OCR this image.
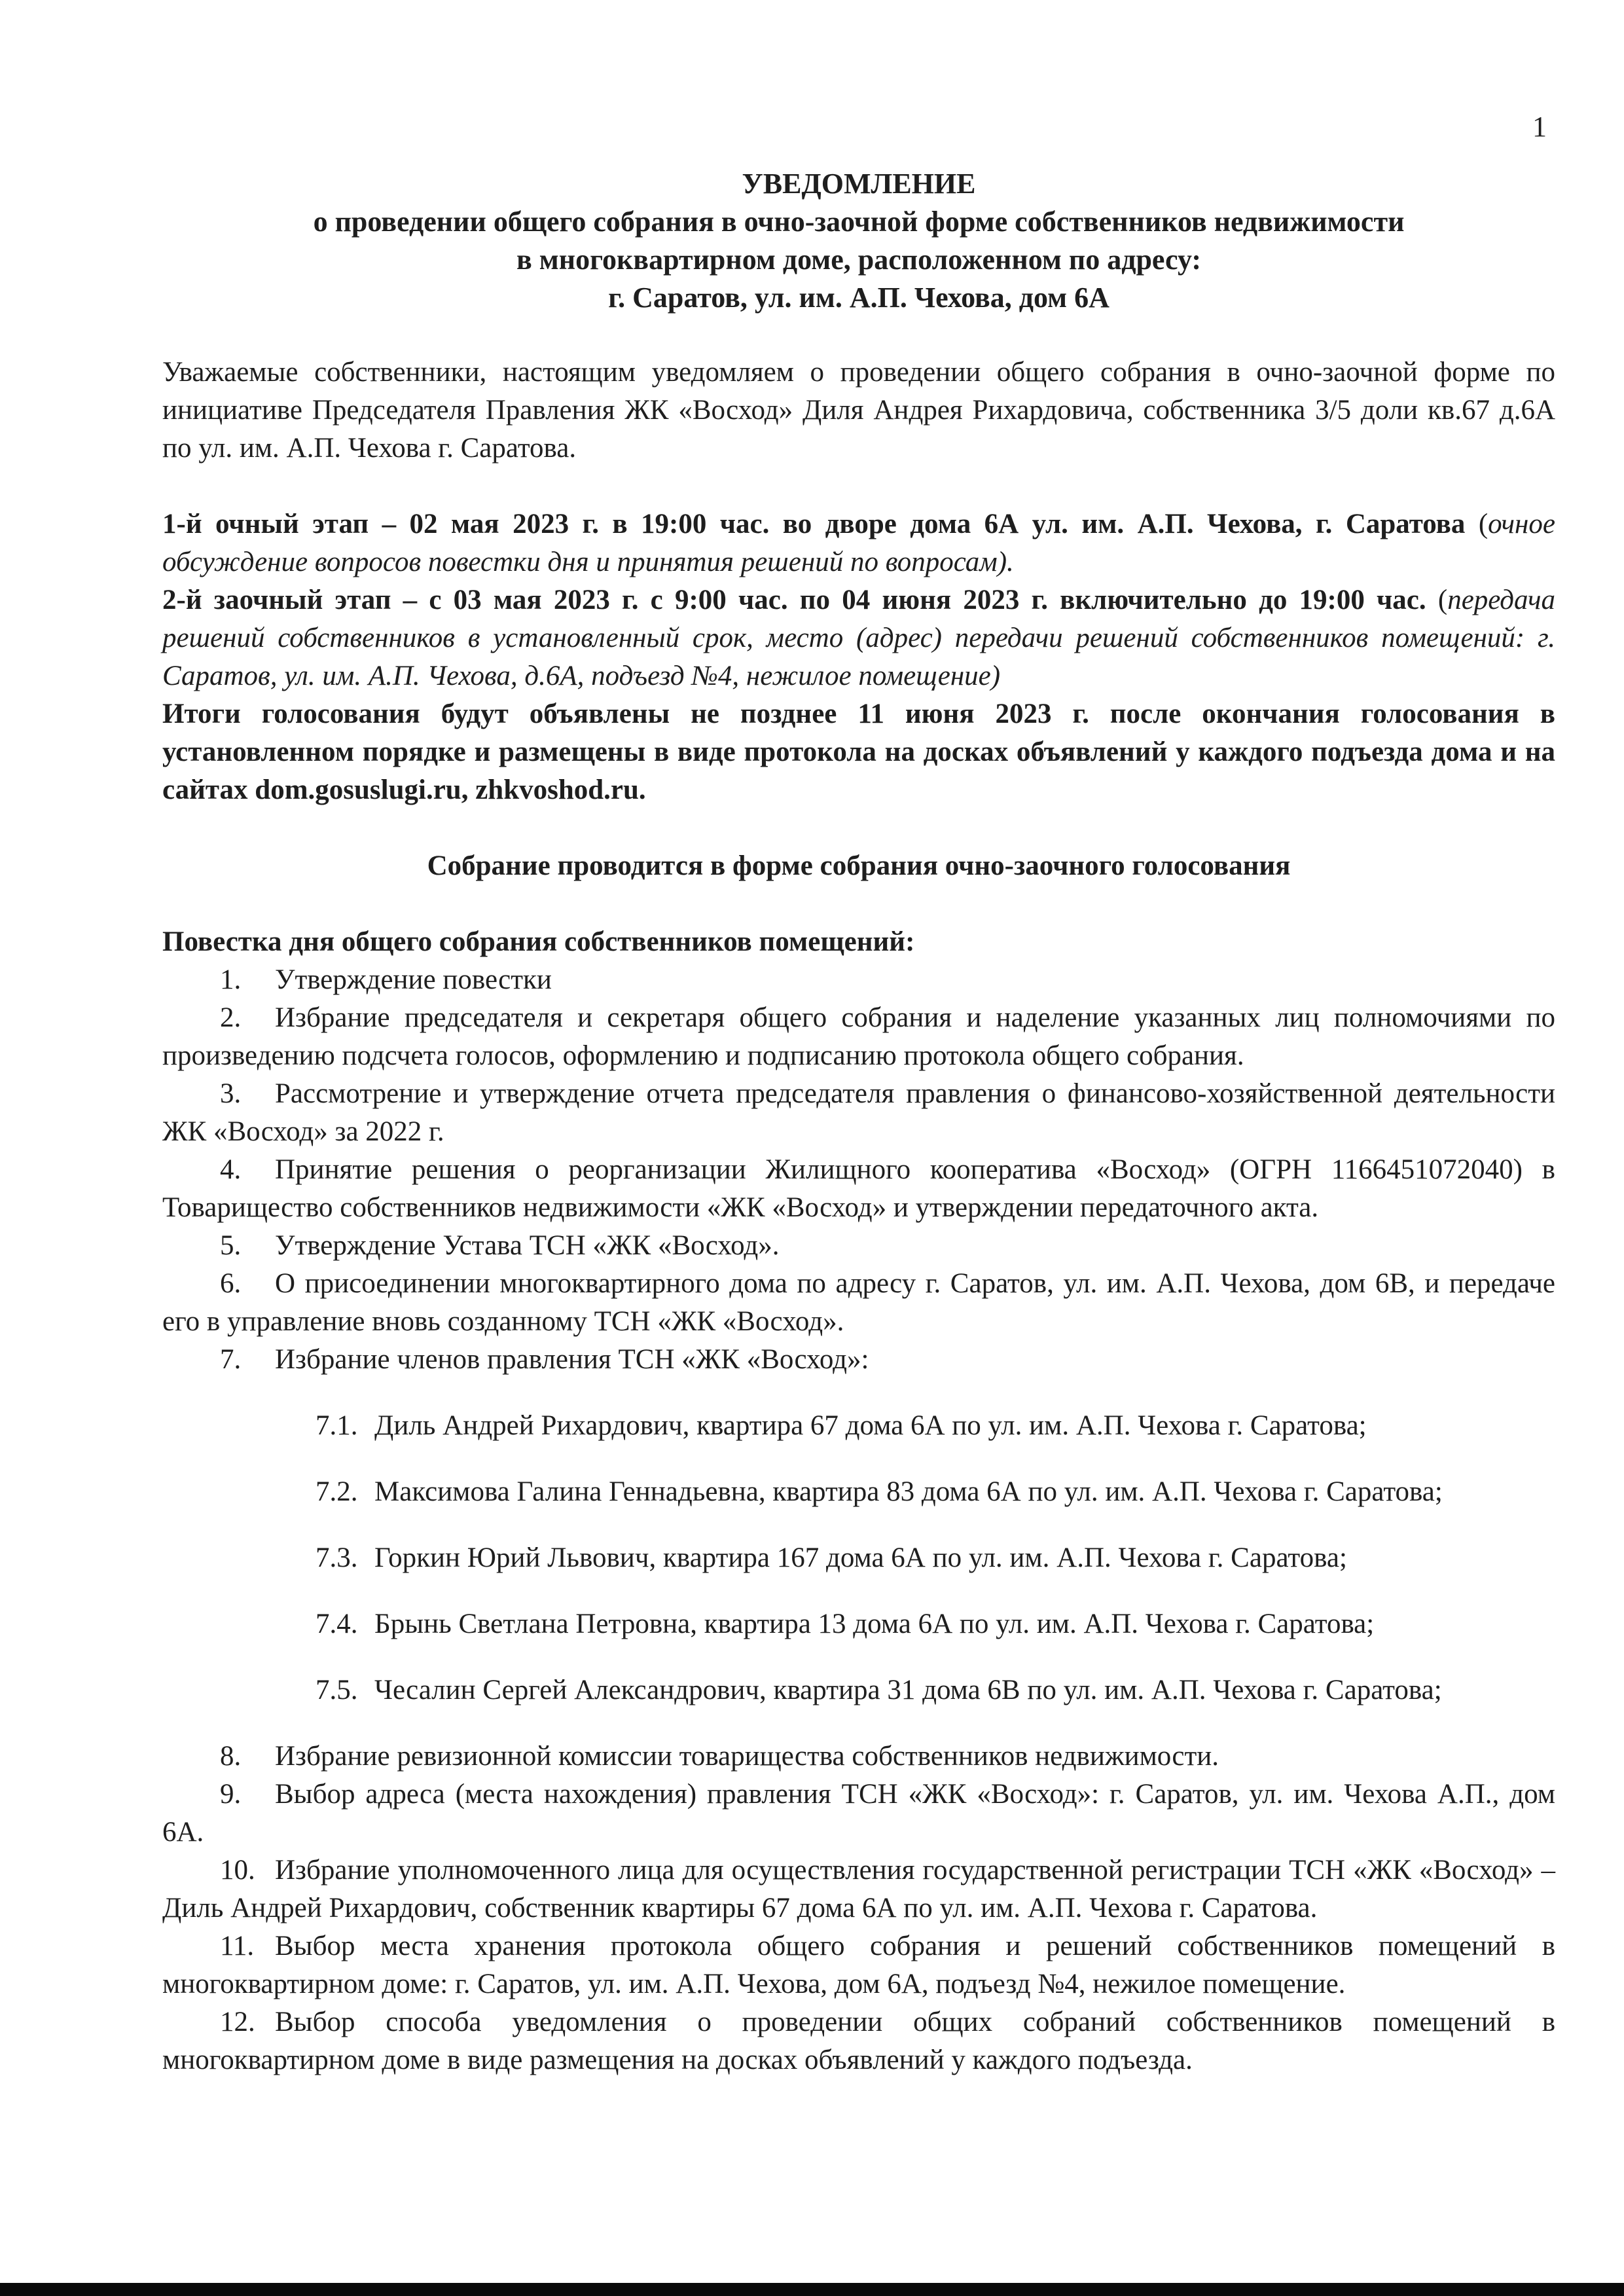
1
УВЕДОМЛЕНИЕ
о проведении общего собрания в очно-заочной форме собственников недвижимости
в многоквартирном доме, расположенном по адресу:
г. Саратов, ул. им. А.П. Чехова, дом 6А
Уважаемые собственники, настоящим уведомляем о проведении общего собрания в очно-заочной форме по инициативе Председателя Правления ЖК «Восход» Диля Андрея Рихардовича, собственника 3/5 доли кв.67 д.6А по ул. им. А.П. Чехова г. Саратова.

1-й очный этап – 02 мая 2023 г. в 19:00 час. во дворе дома 6А ул. им. А.П. Чехова, г. Саратова (очное обсуждение вопросов повестки дня и принятия решений по вопросам).

2-й заочный этап – с 03 мая 2023 г. с 9:00 час. по 04 июня 2023 г. включительно до 19:00 час. (передача решений собственников в установленный срок, место (адрес) передачи решений собственников помещений: г. Саратов, ул. им. А.П. Чехова, д.6А, подъезд №4, нежилое помещение)

Итоги голосования будут объявлены не позднее 11 июня 2023 г. после окончания голосования в установленном порядке и размещены в виде протокола на досках объявлений у каждого подъезда дома и на сайтах dom.gosuslugi.ru, zhkvoshod.ru.

Собрание проводится в форме собрания очно-заочного голосования
Повестка дня общего собрания собственников помещений:

1. Утверждение повестки

2. Избрание председателя и секретаря общего собрания и наделение указанных лиц полномочиями по произведению подсчета голосов, оформлению и подписанию протокола общего собрания.

3. Рассмотрение и утверждение отчета председателя правления о финансово-хозяйственной деятельности ЖК «Восход» за 2022 г.

4. Принятие решения о реорганизации Жилищного кооператива «Восход» (ОГРН 1166451072040) в Товарищество собственников недвижимости «ЖК «Восход» и утверждении передаточного акта.

5. Утверждение Устава ТСН «ЖК «Восход».

6. О присоединении многоквартирного дома по адресу г. Саратов, ул. им. А.П. Чехова, дом 6В, и передаче его в управление вновь созданному ТСН «ЖК «Восход».

7. Избрание членов правления ТСН «ЖК «Восход»:

7.1. Диль Андрей Рихардович, квартира 67 дома 6А по ул. им. А.П. Чехова г. Саратова;

7.2. Максимова Галина Геннадьевна, квартира 83 дома 6А по ул. им. А.П. Чехова г. Саратова;

7.3. Горкин Юрий Львович, квартира 167 дома 6А по ул. им. А.П. Чехова г. Саратова;

7.4. Брынь Светлана Петровна, квартира 13 дома 6А по ул. им. А.П. Чехова г. Саратова;

7.5. Чесалин Сергей Александрович, квартира 31 дома 6В по ул. им. А.П. Чехова г. Саратова;

8. Избрание ревизионной комиссии товарищества собственников недвижимости.

9. Выбор адреса (места нахождения) правления ТСН «ЖК «Восход»: г. Саратов, ул. им. Чехова А.П., дом 6А.

10. Избрание уполномоченного лица для осуществления государственной регистрации ТСН «ЖК «Восход» – Диль Андрей Рихардович, собственник квартиры 67 дома 6А по ул. им. А.П. Чехова г. Саратова.

11. Выбор места хранения протокола общего собрания и решений собственников помещений в многоквартирном доме: г. Саратов, ул. им. А.П. Чехова, дом 6А, подъезд №4, нежилое помещение.

12. Выбор способа уведомления о проведении общих собраний собственников помещений в многоквартирном доме в виде размещения на досках объявлений у каждого подъезда.
